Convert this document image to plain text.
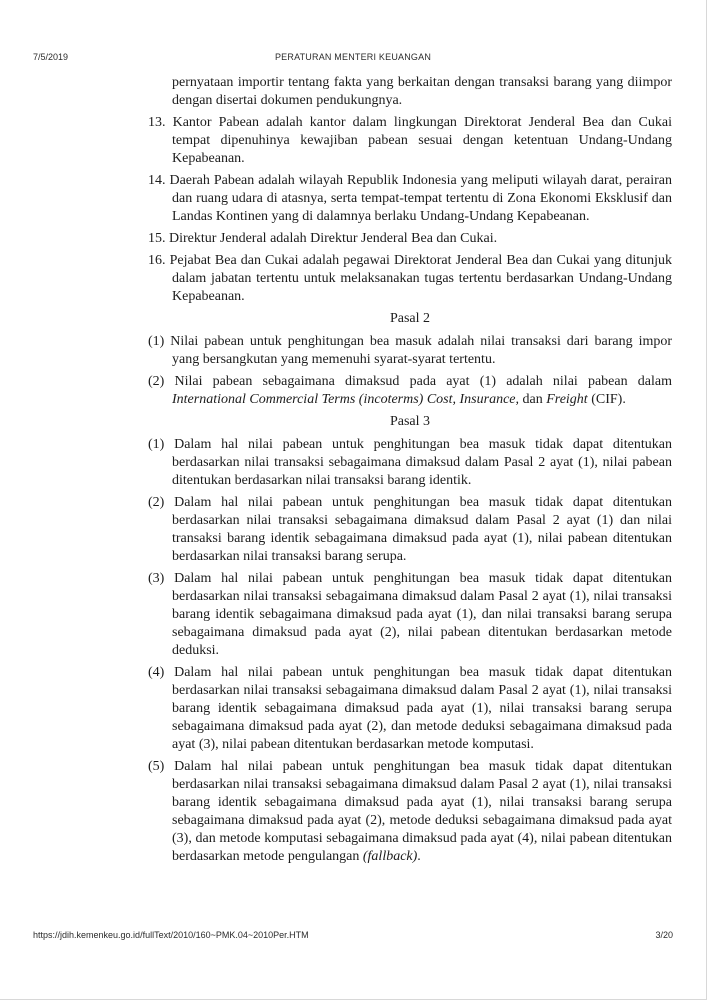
7/5/2019	PERATURAN MENTERI KEUANGAN

pernyataan importir tentang fakta yang berkaitan dengan transaksi barang yang diimpor dengan disertai dokumen pendukungnya.

13. Kantor Pabean adalah kantor dalam lingkungan Direktorat Jenderal Bea dan Cukai tempat dipenuhinya kewajiban pabean sesuai dengan ketentuan Undang-Undang Kepabeanan.

14. Daerah Pabean adalah wilayah Republik Indonesia yang meliputi wilayah darat, perairan dan ruang udara di atasnya, serta tempat-tempat tertentu di Zona Ekonomi Eksklusif dan Landas Kontinen yang di dalamnya berlaku Undang-Undang Kepabeanan.

15. Direktur Jenderal adalah Direktur Jenderal Bea dan Cukai.

16. Pejabat Bea dan Cukai adalah pegawai Direktorat Jenderal Bea dan Cukai yang ditunjuk dalam jabatan tertentu untuk melaksanakan tugas tertentu berdasarkan Undang-Undang Kepabeanan.

Pasal 2

(1) Nilai pabean untuk penghitungan bea masuk adalah nilai transaksi dari barang impor yang bersangkutan yang memenuhi syarat-syarat tertentu.

(2) Nilai pabean sebagaimana dimaksud pada ayat (1) adalah nilai pabean dalam International Commercial Terms (incoterms) Cost, Insurance, dan Freight (CIF).

Pasal 3

(1) Dalam hal nilai pabean untuk penghitungan bea masuk tidak dapat ditentukan berdasarkan nilai transaksi sebagaimana dimaksud dalam Pasal 2 ayat (1), nilai pabean ditentukan berdasarkan nilai transaksi barang identik.

(2) Dalam hal nilai pabean untuk penghitungan bea masuk tidak dapat ditentukan berdasarkan nilai transaksi sebagaimana dimaksud dalam Pasal 2 ayat (1) dan nilai transaksi barang identik sebagaimana dimaksud pada ayat (1), nilai pabean ditentukan berdasarkan nilai transaksi barang serupa.

(3) Dalam hal nilai pabean untuk penghitungan bea masuk tidak dapat ditentukan berdasarkan nilai transaksi sebagaimana dimaksud dalam Pasal 2 ayat (1), nilai transaksi barang identik sebagaimana dimaksud pada ayat (1), dan nilai transaksi barang serupa sebagaimana dimaksud pada ayat (2), nilai pabean ditentukan berdasarkan metode deduksi.

(4) Dalam hal nilai pabean untuk penghitungan bea masuk tidak dapat ditentukan berdasarkan nilai transaksi sebagaimana dimaksud dalam Pasal 2 ayat (1), nilai transaksi barang identik sebagaimana dimaksud pada ayat (1), nilai transaksi barang serupa sebagaimana dimaksud pada ayat (2), dan metode deduksi sebagaimana dimaksud pada ayat (3), nilai pabean ditentukan berdasarkan metode komputasi.

(5) Dalam hal nilai pabean untuk penghitungan bea masuk tidak dapat ditentukan berdasarkan nilai transaksi sebagaimana dimaksud dalam Pasal 2 ayat (1), nilai transaksi barang identik sebagaimana dimaksud pada ayat (1), nilai transaksi barang serupa sebagaimana dimaksud pada ayat (2), metode deduksi sebagaimana dimaksud pada ayat (3), dan metode komputasi sebagaimana dimaksud pada ayat (4), nilai pabean ditentukan berdasarkan metode pengulangan (fallback).

https://jdih.kemenkeu.go.id/fullText/2010/160~PMK.04~2010Per.HTM	3/20
